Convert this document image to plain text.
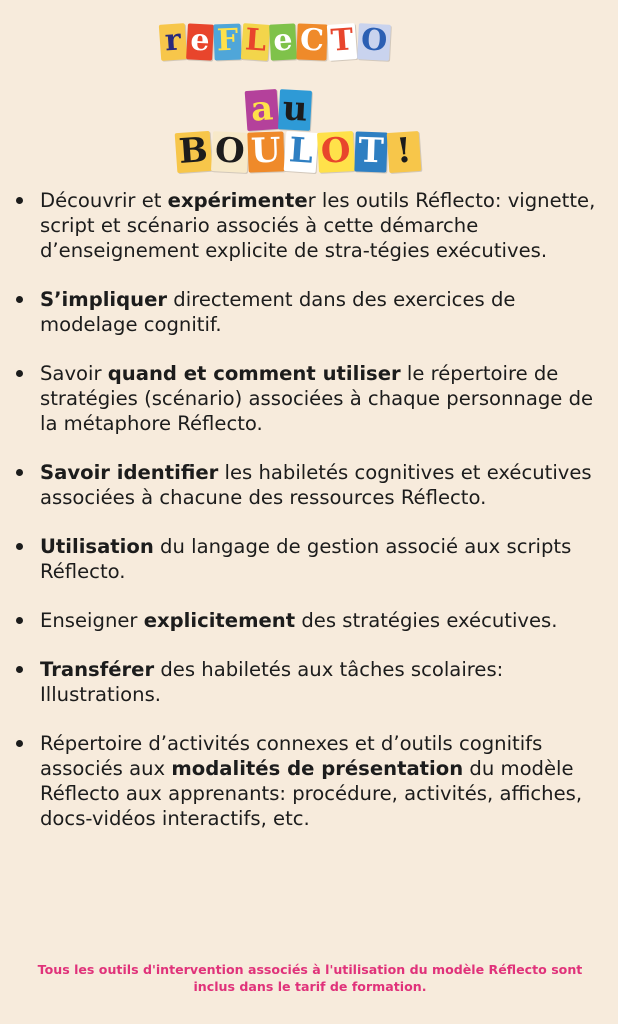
r e F L e C T O
a u
B O U L O T !
Découvrir et expérimenter les outils Réflecto: vignette, script et scénario associés à cette démarche d’enseignement explicite de stra-tégies exécutives.
S’impliquer directement dans des exercices de modelage cognitif.
Savoir quand et comment utiliser le répertoire de stratégies (scénario) associées à chaque personnage de la métaphore Réflecto.
Savoir identifier les habiletés cognitives et exécutives associées à chacune des ressources Réflecto.
Utilisation du langage de gestion associé aux scripts Réflecto.
Enseigner explicitement des stratégies exécutives.
Transférer des habiletés aux tâches scolaires: Illustrations.
Répertoire d’activités connexes et d’outils cognitifs associés aux modalités de présentation du modèle Réflecto aux apprenants: procédure, activités, affiches, docs-vidéos interactifs, etc.
Tous les outils d'intervention associés à l'utilisation du modèle Réflecto sont inclus dans le tarif de formation.
